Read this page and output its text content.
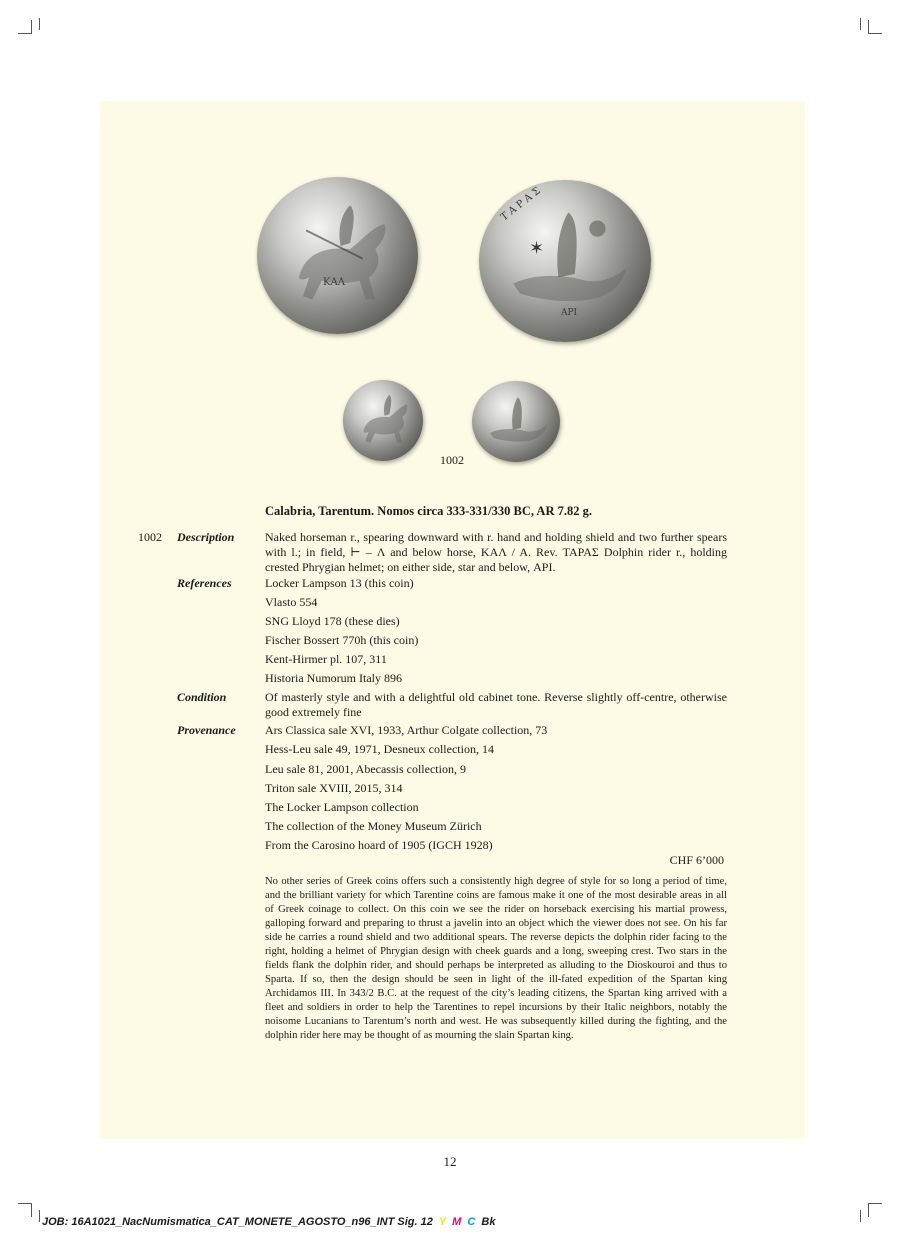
ΚΑΛ
ΤΑΡΑΣ
✶
ΑΡΙ
1002
Calabria, Tarentum. Nomos circa 333-331/330 BC, AR 7.82 g.
1002 Description	Naked horseman r., spearing downward with r. hand and holding shield and two further spears with l.; in field, ⊢ – Λ and below horse, ΚΑΛ / Α. Rev. ΤΑΡΑΣ Dolphin rider r., holding crested Phrygian helmet; on either side, star and below, ΑΡΙ.
References	Locker Lampson 13 (this coin)
Vlasto 554
SNG Lloyd 178 (these dies)
Fischer Bossert 770h (this coin)
Kent-Hirmer pl. 107, 311
Historia Numorum Italy 896
Condition	Of masterly style and with a delightful old cabinet tone. Reverse slightly off-centre, otherwise good extremely fine
Provenance Ars Classica sale XVI, 1933, Arthur Colgate collection, 73
Hess-Leu sale 49, 1971, Desneux collection, 14
Leu sale 81, 2001, Abecassis collection, 9
Triton sale XVIII, 2015, 314
The Locker Lampson collection
The collection of the Money Museum Zürich
From the Carosino hoard of 1905 (IGCH 1928)
CHF 6’000
No other series of Greek coins offers such a consistently high degree of style for so long a period of time, and the brilliant variety for which Tarentine coins are famous make it one of the most desirable areas in all of Greek coinage to collect. On this coin we see the rider on horseback exercising his martial prowess, galloping forward and preparing to thrust a javelin into an object which the viewer does not see. On his far side he carries a round shield and two additional spears. The reverse depicts the dolphin rider facing to the right, holding a helmet of Phrygian design with cheek guards and a long, sweeping crest. Two stars in the fields flank the dolphin rider, and should perhaps be interpreted as alluding to the Dioskouroi and thus to Sparta. If so, then the design should be seen in light of the ill-fated expedition of the Spartan king Archidamos III. In 343/2 B.C. at the request of the city’s leading citizens, the Spartan king arrived with a fleet and soldiers in order to help the Tarentines to repel incursions by their Italic neighbors, notably the noisome Lucanians to Tarentum’s north and west. He was subsequently killed during the fighting, and the dolphin rider here may be thought of as mourning the slain Spartan king.
12
JOB: 16A1021_NacNumismatica_CAT_MONETE_AGOSTO_n96_INT Sig. 12 Y M C Bk
